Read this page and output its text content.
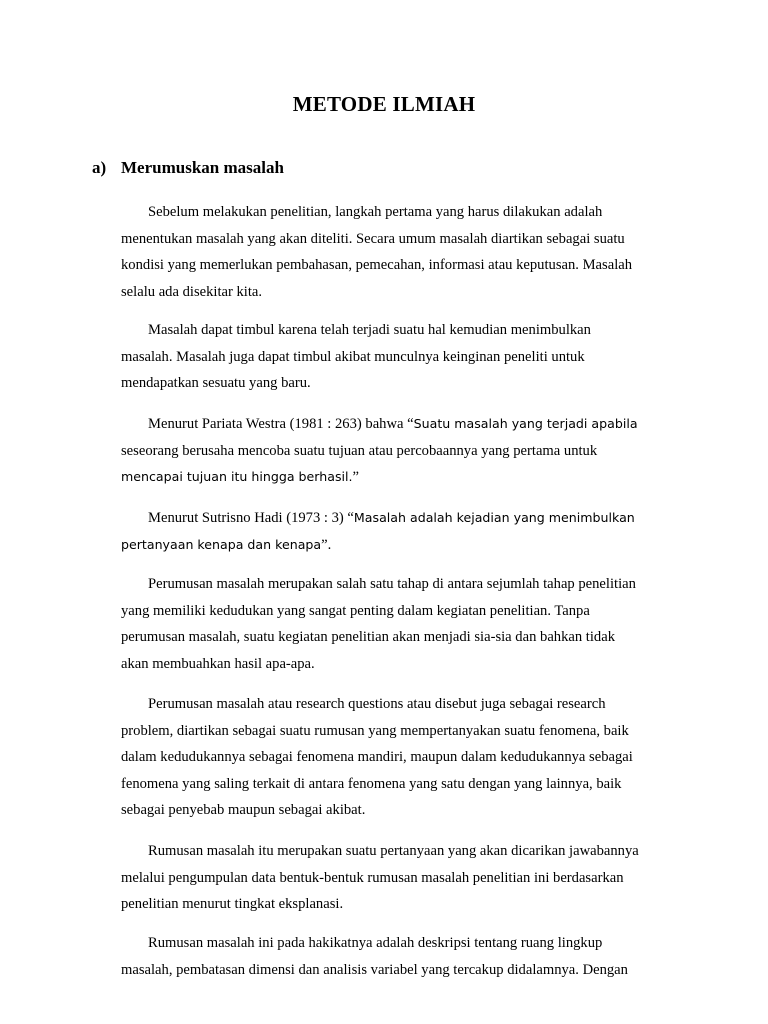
METODE ILMIAH
a) Merumuskan masalah

Sebelum melakukan penelitian, langkah pertama yang harus dilakukan adalah
menentukan masalah yang akan diteliti. Secara umum masalah diartikan sebagai suatu
kondisi yang memerlukan pembahasan, pemecahan, informasi atau keputusan. Masalah
selalu ada disekitar kita.

Masalah dapat timbul karena telah terjadi suatu hal kemudian menimbulkan
masalah. Masalah juga dapat timbul akibat munculnya keinginan peneliti untuk
mendapatkan sesuatu yang baru.

Menurut Pariata Westra (1981 : 263) bahwa “Suatu masalah yang terjadi apabila
seseorang berusaha mencoba suatu tujuan atau percobaannya yang pertama untuk
mencapai tujuan itu hingga berhasil.”

Menurut Sutrisno Hadi (1973 : 3) “Masalah adalah kejadian yang menimbulkan
pertanyaan kenapa dan kenapa”.

Perumusan masalah merupakan salah satu tahap di antara sejumlah tahap penelitian
yang memiliki kedudukan yang sangat penting dalam kegiatan penelitian. Tanpa
perumusan masalah, suatu kegiatan penelitian akan menjadi sia-sia dan bahkan tidak
akan membuahkan hasil apa-apa.

Perumusan masalah atau research questions atau disebut juga sebagai research
problem, diartikan sebagai suatu rumusan yang mempertanyakan suatu fenomena, baik
dalam kedudukannya sebagai fenomena mandiri, maupun dalam kedudukannya sebagai
fenomena yang saling terkait di antara fenomena yang satu dengan yang lainnya, baik
sebagai penyebab maupun sebagai akibat.

Rumusan masalah itu merupakan suatu pertanyaan yang akan dicarikan jawabannya
melalui pengumpulan data bentuk-bentuk rumusan masalah penelitian ini berdasarkan
penelitian menurut tingkat eksplanasi.

Rumusan masalah ini pada hakikatnya adalah deskripsi tentang ruang lingkup
masalah, pembatasan dimensi dan analisis variabel yang tercakup didalamnya. Dengan
